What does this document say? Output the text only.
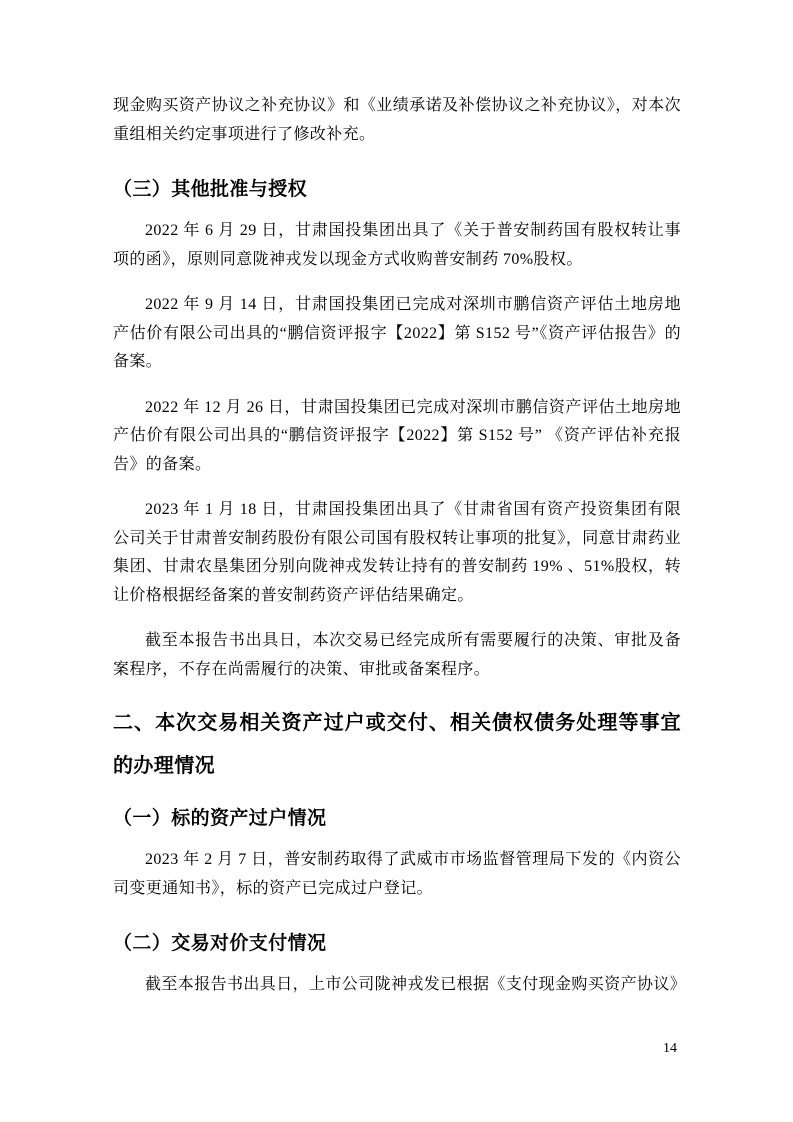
现金购买资产协议之补充协议》和《业绩承诺及补偿协议之补充协议》，对本次重组相关约定事项进行了修改补充。

（三）其他批准与授权

2022 年 6 月 29 日，甘肃国投集团出具了《关于普安制药国有股权转让事项的函》，原则同意陇神戎发以现金方式收购普安制药 70%股权。

2022 年 9 月 14 日，甘肃国投集团已完成对深圳市鹏信资产评估土地房地产估价有限公司出具的“鹏信资评报字【2022】第 S152 号”《资产评估报告》的备案。

2022 年 12 月 26 日，甘肃国投集团已完成对深圳市鹏信资产评估土地房地产估价有限公司出具的“鹏信资评报字【2022】第 S152 号” 《资产评估补充报告》的备案。

2023 年 1 月 18 日，甘肃国投集团出具了《甘肃省国有资产投资集团有限公司关于甘肃普安制药股份有限公司国有股权转让事项的批复》，同意甘肃药业集团、甘肃农垦集团分别向陇神戎发转让持有的普安制药 19% 、51%股权，转让价格根据经备案的普安制药资产评估结果确定。

截至本报告书出具日，本次交易已经完成所有需要履行的决策、审批及备案程序，不存在尚需履行的决策、审批或备案程序。

二、本次交易相关资产过户或交付、相关债权债务处理等事宜的办理情况
（一）标的资产过户情况

2023 年 2 月 7 日，普安制药取得了武威市市场监督管理局下发的《内资公司变更通知书》，标的资产已完成过户登记。

（二）交易对价支付情况

截至本报告书出具日，上市公司陇神戎发已根据《支付现金购买资产协议》

14
